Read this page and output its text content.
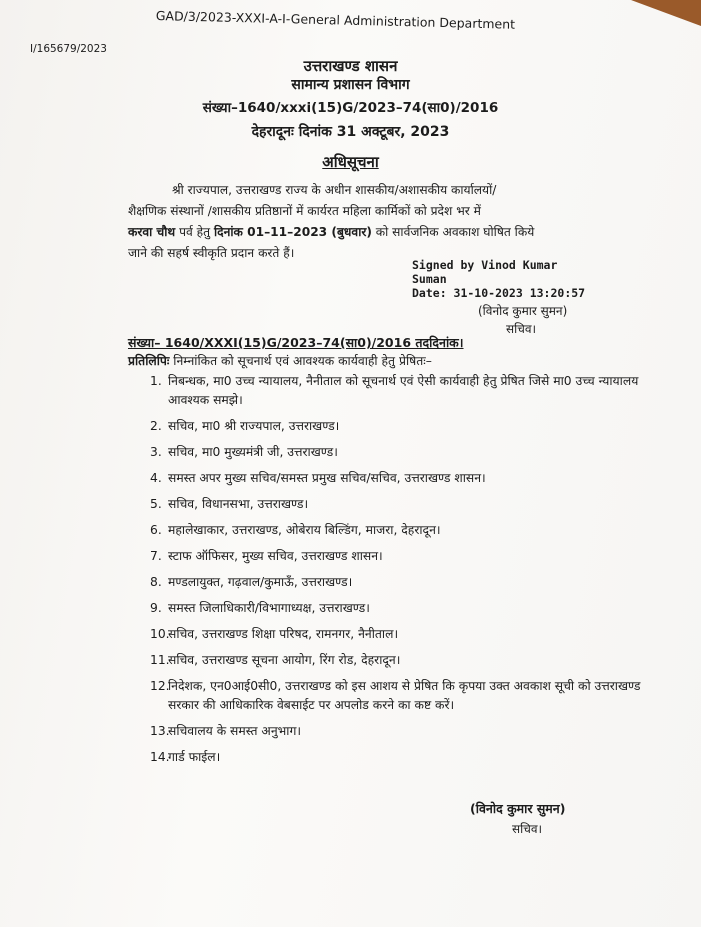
GAD/3/2023-XXXI-A-I-General Administration Department
I/165679/2023
उत्तराखण्ड शासन
सामान्य प्रशासन विभाग
संख्या–1640/xxxi(15)G/2023–74(सा0)/2016
देहरादूनः दिनांक 31 अक्टूबर, 2023
अधिसूचना
श्री राज्यपाल, उत्तराखण्ड राज्य के अधीन शासकीय/अशासकीय कार्यालयों/
शैक्षणिक संस्थानों /शासकीय प्रतिष्ठानों में कार्यरत महिला कार्मिकों को प्रदेश भर में
करवा चौथ पर्व हेतु दिनांक 01–11–2023 (बुधवार) को सार्वजनिक अवकाश घोषित किये
जाने की सहर्ष स्वीकृति प्रदान करते हैं।
Signed by Vinod Kumar
Suman
Date: 31-10-2023 13:20:57
(विनोद कुमार सुमन)
सचिव।
संख्या– 1640/XXXI(15)G/2023–74(सा0)/2016 तददिनांक।
प्रतिलिपिः निम्नांकित को सूचनार्थ एवं आवश्यक कार्यवाही हेतु प्रेषितः–
1. निबन्धक, मा0 उच्च न्यायालय, नैनीताल को सूचनार्थ एवं ऐसी कार्यवाही हेतु प्रेषित जिसे मा0 उच्च न्यायालय आवश्यक समझे।
2. सचिव, मा0 श्री राज्यपाल, उत्तराखण्ड।
3. सचिव, मा0 मुख्यमंत्री जी, उत्तराखण्ड।
4. समस्त अपर मुख्य सचिव/समस्त प्रमुख सचिव/सचिव, उत्तराखण्ड शासन।
5. सचिव, विधानसभा, उत्तराखण्ड।
6. महालेखाकार, उत्तराखण्ड, ओबेराय बिल्डिंग, माजरा, देहरादून।
7. स्टाफ ऑफिसर, मुख्य सचिव, उत्तराखण्ड शासन।
8. मण्डलायुक्त, गढ़वाल/कुमाऊँ, उत्तराखण्ड।
9. समस्त जिलाधिकारी/विभागाध्यक्ष, उत्तराखण्ड।
10.
सचिव, उत्तराखण्ड शिक्षा परिषद, रामनगर, नैनीताल।
11.
सचिव, उत्तराखण्ड सूचना आयोग, रिंग रोड, देहरादून।
12.
निदेशक, एन0आई0सी0, उत्तराखण्ड को इस आशय से प्रेषित कि कृपया उक्त अवकाश सूची को उत्तराखण्ड सरकार की आधिकारिक वेबसाईट पर अपलोड करने का कष्ट करें।
13.
सचिवालय के समस्त अनुभाग।
14.
गार्ड फाईल।
(विनोद कुमार सुमन)
सचिव।
